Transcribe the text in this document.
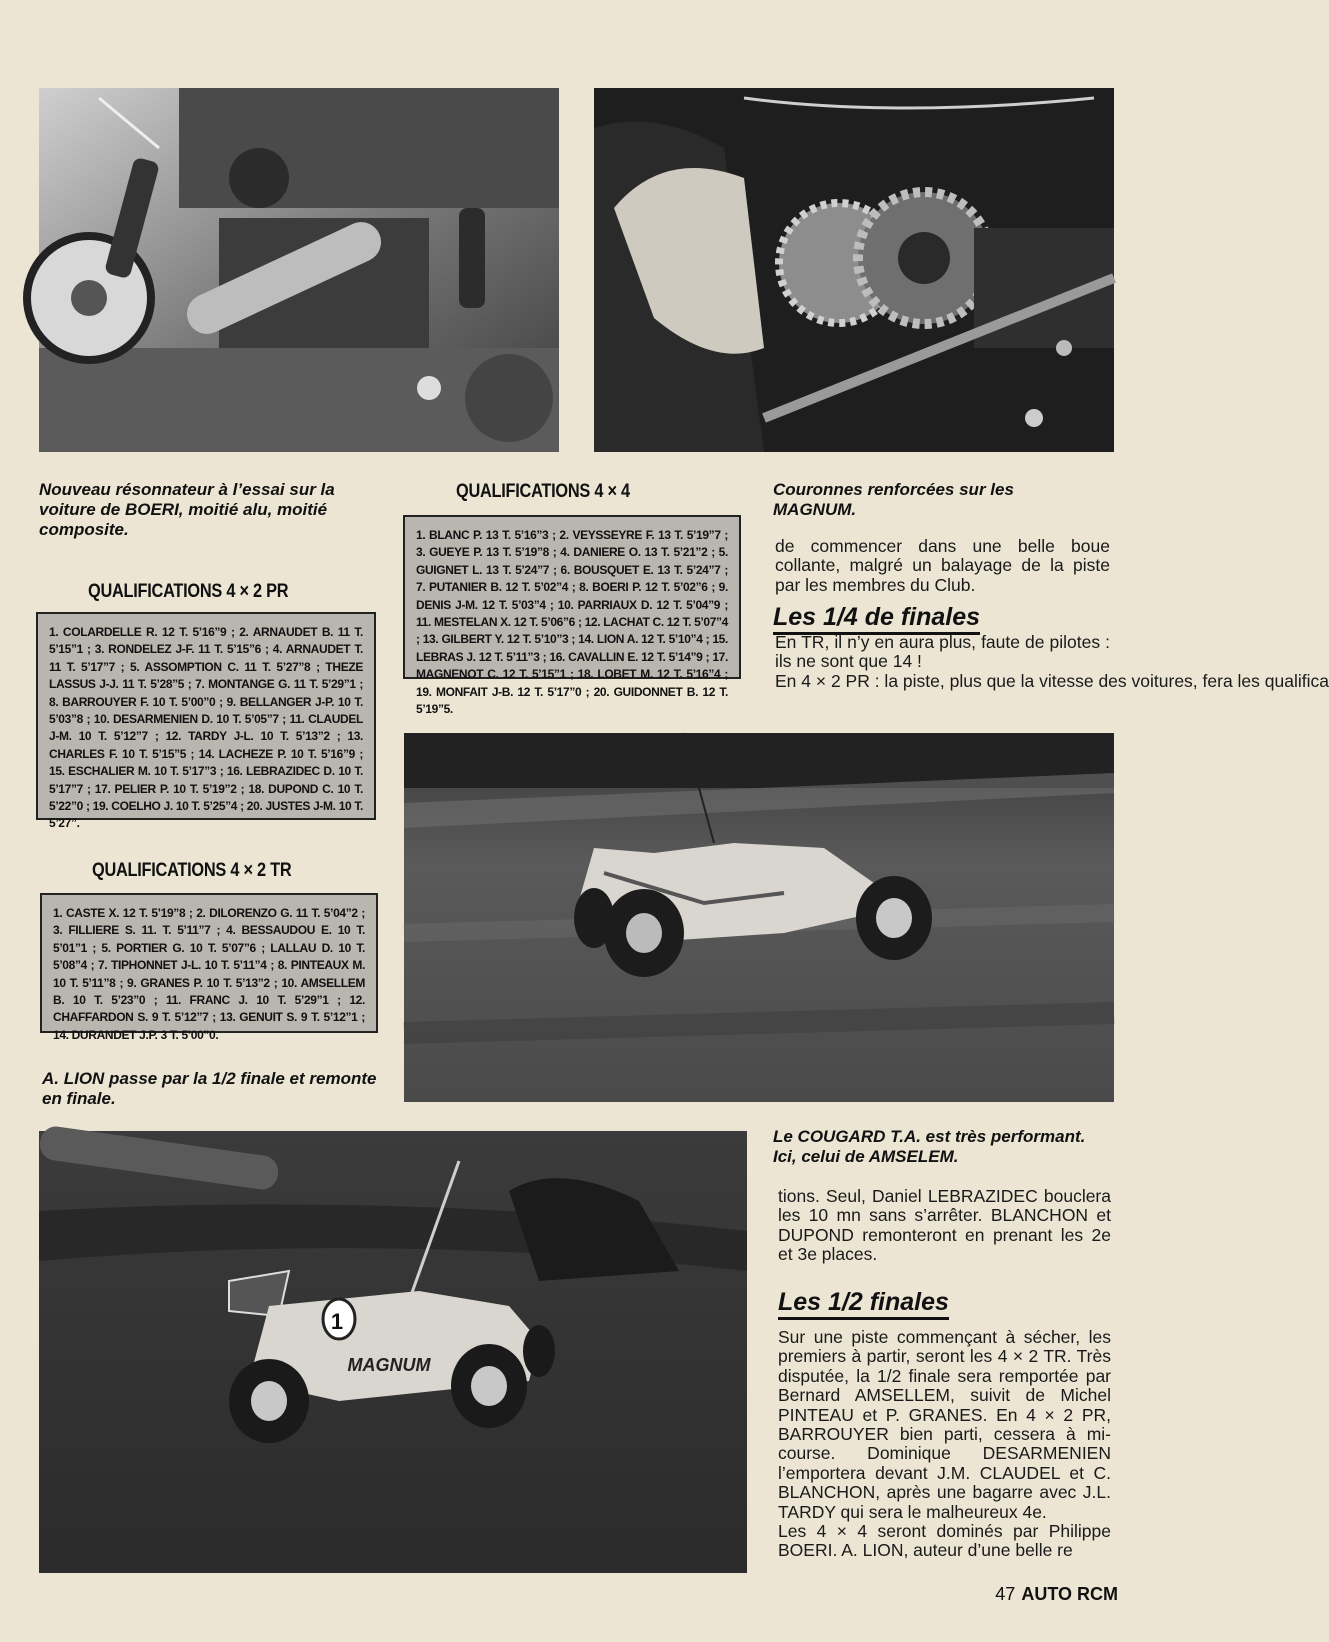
Nouveau résonnateur à l’essai sur la voiture de BOERI, moitié alu, moitié composite.
QUALIFICATIONS 4 × 4
1. BLANC P. 13 T. 5’16”3 ; 2. VEYSSEYRE F. 13 T. 5’19”7 ; 3. GUEYE P. 13 T. 5’19”8 ; 4. DANIERE O. 13 T. 5’21”2 ; 5. GUIGNET L. 13 T. 5’24”7 ; 6. BOUSQUET E. 13 T. 5’24”7 ; 7. PUTANIER B. 12 T. 5’02”4 ; 8. BOERI P. 12 T. 5’02”6 ; 9. DENIS J-M. 12 T. 5’03”4 ; 10. PARRIAUX D. 12 T. 5’04”9 ; 11. MESTELAN X. 12 T. 5’06”6 ; 12. LACHAT C. 12 T. 5’07”4 ; 13. GILBERT Y. 12 T. 5’10”3 ; 14. LION A. 12 T. 5’10”4 ; 15. LEBRAS J. 12 T. 5’11”3 ; 16. CAVALLIN E. 12 T. 5’14”9 ; 17. MAGNENOT C. 12 T. 5’15”1 ; 18. LOBET M. 12 T. 5’16”4 ; 19. MONFAIT J-B. 12 T. 5’17”0 ; 20. GUIDONNET B. 12 T. 5’19”5.
Couronnes renforcées sur les MAGNUM.

de commencer dans une belle boue collante, malgré un balayage de la piste par les membres du Club.

Les 1/4 de finales

En TR, il n’y en aura plus, faute de pilotes : ils ne sont que 14 !

En 4 × 2 PR : la piste, plus que la vitesse des voitures, fera les qualifica

QUALIFICATIONS 4 × 2 PR
1. COLARDELLE R. 12 T. 5’16”9 ; 2. ARNAUDET B. 11 T. 5’15”1 ; 3. RONDELEZ J-F. 11 T. 5’15”6 ; 4. ARNAUDET T. 11 T. 5’17”7 ; 5. ASSOMPTION C. 11 T. 5’27”8 ; THEZE LASSUS J-J. 11 T. 5’28”5 ; 7. MONTANGE G. 11 T. 5’29”1 ; 8. BARROUYER F. 10 T. 5’00”0 ; 9. BELLANGER J-P. 10 T. 5’03”8 ; 10. DESARMENIEN D. 10 T. 5’05”7 ; 11. CLAUDEL J-M. 10 T. 5’12”7 ; 12. TARDY J-L. 10 T. 5’13”2 ; 13. CHARLES F. 10 T. 5’15”5 ; 14. LACHEZE P. 10 T. 5’16”9 ; 15. ESCHALIER M. 10 T. 5’17”3 ; 16. LEBRAZIDEC D. 10 T. 5’17”7 ; 17. PELIER P. 10 T. 5’19”2 ; 18. DUPOND C. 10 T. 5’22”0 ; 19. COELHO J. 10 T. 5’25”4 ; 20. JUSTES J-M. 10 T. 5’27”.
QUALIFICATIONS 4 × 2 TR
1. CASTE X. 12 T. 5’19”8 ; 2. DILORENZO G. 11 T. 5’04”2 ; 3. FILLIERE S. 11. T. 5’11”7 ; 4. BESSAUDOU E. 10 T. 5’01”1 ; 5. PORTIER G. 10 T. 5’07”6 ; LALLAU D. 10 T. 5’08”4 ; 7. TIPHONNET J-L. 10 T. 5’11”4 ; 8. PINTEAUX M. 10 T. 5’11”8 ; 9. GRANES P. 10 T. 5’13”2 ; 10. AMSELLEM B. 10 T. 5’23”0 ; 11. FRANC J. 10 T. 5’29”1 ; 12. CHAFFARDON S. 9 T. 5’12”7 ; 13. GENUIT S. 9 T. 5’12”1 ; 14. DURANDET J.P. 3 T. 5’00”0.
A. LION passe par la 1/2 finale et remonte en finale.
1
MAGNUM
Le COUGARD T.A. est très performant. Ici, celui de AMSELEM.

tions. Seul, Daniel LEBRAZIDEC bouclera les 10 mn sans s’arrêter. BLANCHON et DUPOND remonteront en prenant les 2e et 3e places.

Les 1/2 finales

Sur une piste commençant à sécher, les premiers à partir, seront les 4 × 2 TR. Très disputée, la 1/2 finale sera remportée par Bernard AMSELLEM, suivit de Michel PINTEAU et P. GRANES. En 4 × 2 PR, BARROUYER bien parti, cessera à mi-course. Dominique DESARMENIEN l’emportera devant J.M. CLAUDEL et C. BLANCHON, après une bagarre avec J.L. TARDY qui sera le malheureux 4e.

Les 4 × 4 seront dominés par Philippe BOERI. A. LION, auteur d’une belle re

47 AUTO RCM
